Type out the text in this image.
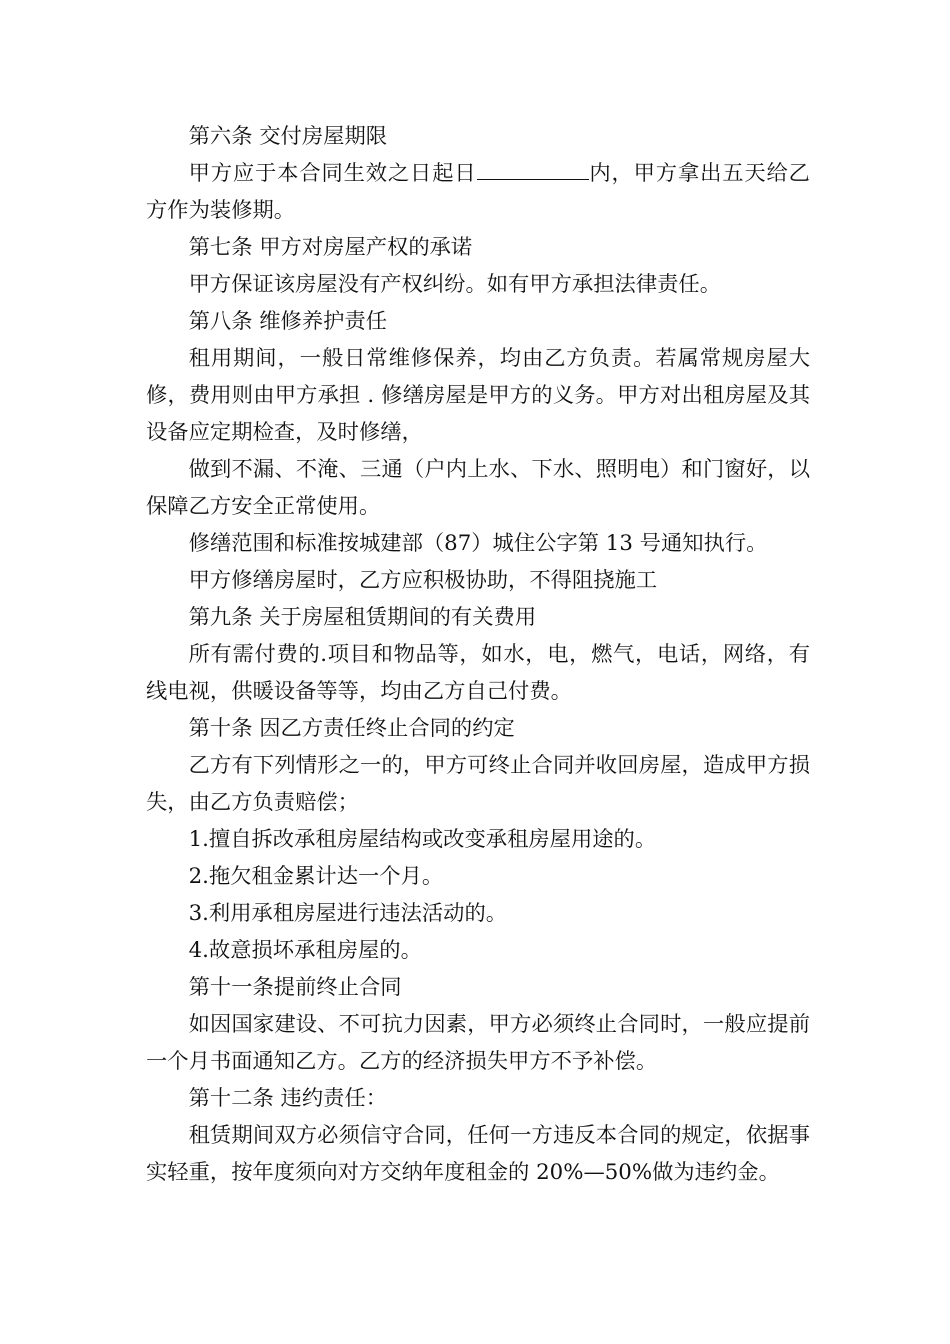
第六条 交付房屋期限

甲方应于本合同生效之日起日	内，甲方拿出五天给乙方作为装修期。

第七条 甲方对房屋产权的承诺

甲方保证该房屋没有产权纠纷。如有甲方承担法律责任。

第八条 维修养护责任

租用期间，一般日常维修保养，均由乙方负责。若属常规房屋大修，费用则由甲方承担 . 修缮房屋是甲方的义务。甲方对出租房屋及其设备应定期检查，及时修缮，

做到不漏、不淹、三通（户内上水、下水、照明电）和门窗好，以保障乙方安全正常使用。

修缮范围和标准按城建部（87）城住公字第 13 号通知执行。

甲方修缮房屋时，乙方应积极协助，不得阻挠施工

第九条 关于房屋租赁期间的有关费用

所有需付费的.项目和物品等，如水，电，燃气，电话，网络，有线电视，供暖设备等等，均由乙方自己付费。

第十条 因乙方责任终止合同的约定

乙方有下列情形之一的，甲方可终止合同并收回房屋，造成甲方损失，由乙方负责赔偿；

1.擅自拆改承租房屋结构或改变承租房屋用途的。

2.拖欠租金累计达一个月。

3.利用承租房屋进行违法活动的。

4.故意损坏承租房屋的。

第十一条提前终止合同

如因国家建设、不可抗力因素，甲方必须终止合同时，一般应提前一个月书面通知乙方。乙方的经济损失甲方不予补偿。

第十二条 违约责任：

租赁期间双方必须信守合同，任何一方违反本合同的规定，依据事实轻重，按年度须向对方交纳年度租金的 20%—50%做为违约金。
